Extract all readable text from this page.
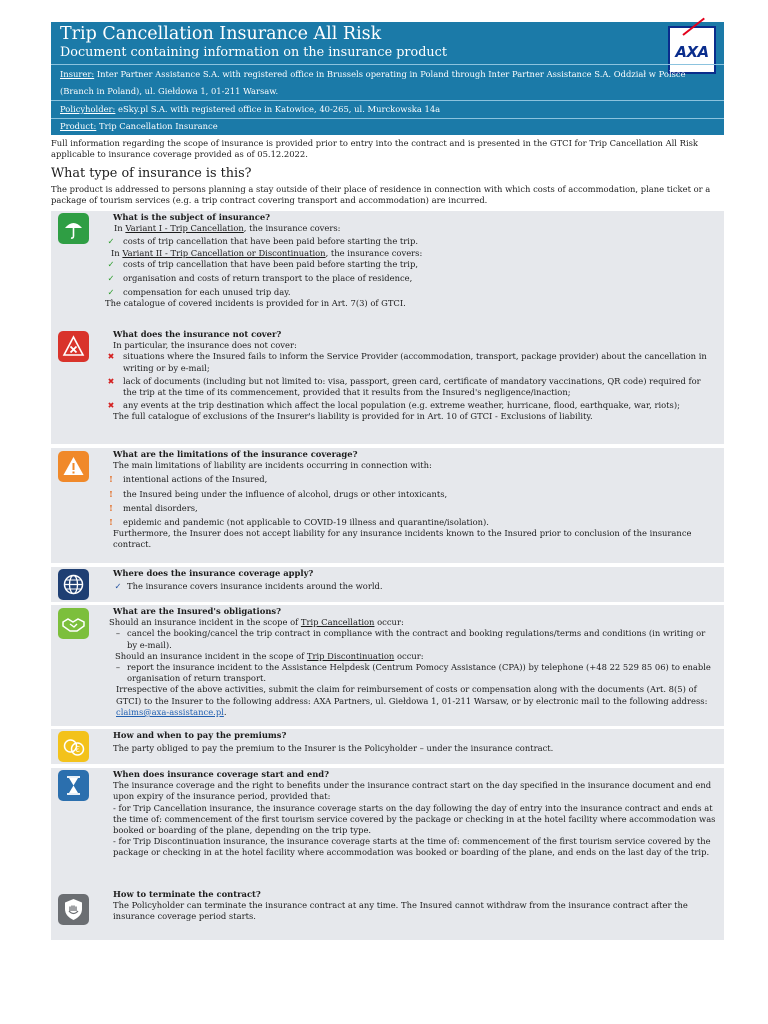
Trip Cancellation Insurance All Risk
Document containing information on the insurance product	AXA
Insurer: Inter Partner Assistance S.A. with registered office in Brussels operating in Poland through Inter Partner Assistance S.A. Oddział w Polsce
(Branch in Poland), ul. Giełdowa 1, 01-211 Warsaw.
Policyholder: eSky.pl S.A. with registered office in Katowice, 40-265, ul. Murckowska 14a
Product: Trip Cancellation Insurance
Full information regarding the scope of insurance is provided prior to entry into the contract and is presented in the GTCI for Trip Cancellation All Risk applicable to insurance coverage provided as of 05.12.2022.
What type of insurance is this?
The product is addressed to persons planning a stay outside of their place of residence in connection with which costs of accommodation, plane ticket or a package of tourism services (e.g. a trip contract covering transport and accommodation) are incurred.

What is the subject of insurance?

In Variant I - Trip Cancellation, the insurance covers:

✓ costs of trip cancellation that have been paid before starting the trip.

In Variant II - Trip Cancellation or Discontinuation, the insurance covers:

✓ costs of trip cancellation that have been paid before starting the trip,
✓ organisation and costs of return transport to the place of residence,
✓ compensation for each unused trip day.

The catalogue of covered incidents is provided for in Art. 7(3) of GTCI.

What does the insurance not cover?

In particular, the insurance does not cover:

✖ situations where the Insured fails to inform the Service Provider (accommodation, transport, package provider) about the cancellation in writing or by e-mail;
✖ lack of documents (including but not limited to: visa, passport, green card, certificate of mandatory vaccinations, QR code) required for the trip at the time of its commencement, provided that it results from the Insured's negligence/inaction;
✖ any events at the trip destination which affect the local population (e.g. extreme weather, hurricane, flood, earthquake, war, riots);

The full catalogue of exclusions of the Insurer's liability is provided for in Art. 10 of GTCI - Exclusions of liability.

What are the limitations of the insurance coverage?

The main limitations of liability are incidents occurring in connection with:

!	intentional actions of the Insured,
!	the Insured being under the influence of alcohol, drugs or other intoxicants,
!	mental disorders,
!	epidemic and pandemic (not applicable to COVID-19 illness and quarantine/isolation).

Furthermore, the Insurer does not accept liability for any insurance incidents known to the Insured prior to conclusion of the insurance contract.

Where does the insurance coverage apply?

✓ The insurance covers insurance incidents around the world.

What are the Insured's obligations?

Should an insurance incident in the scope of Trip Cancellation occur:

– cancel the booking/cancel the trip contract in compliance with the contract and booking regulations/terms and conditions (in writing or by e-mail).

Should an insurance incident in the scope of Trip Discontinuation occur:

– report the insurance incident to the Assistance Helpdesk (Centrum Pomocy Assistance (CPA)) by telephone (+48 22 529 85 06) to enable organisation of return transport.

Irrespective of the above activities, submit the claim for reimbursement of costs or compensation along with the documents (Art. 8(5) of GTCI) to the Insurer to the following address: AXA Partners, ul. Giełdowa 1, 01-211 Warsaw, or by electronic mail to the following address: claims@axa-assistance.pl.

€

How and when to pay the premiums?

The party obliged to pay the premium to the Insurer is the Policyholder – under the insurance contract.

When does insurance coverage start and end?

The insurance coverage and the right to benefits under the insurance contract start on the day specified in the insurance document and end upon expiry of the insurance period, provided that:

- for Trip Cancellation insurance, the insurance coverage starts on the day following the day of entry into the insurance contract and ends at the time of: commencement of the first tourism service covered by the package or checking in at the hotel facility where accommodation was booked or boarding of the plane, depending on the trip type.

- for Trip Discontinuation insurance, the insurance coverage starts at the time of: commencement of the first tourism service covered by the package or checking in at the hotel facility where accommodation was booked or boarding of the plane, and ends on the last day of the trip.

How to terminate the contract?

The Policyholder can terminate the insurance contract at any time. The Insured cannot withdraw from the insurance contract after the insurance coverage period starts.
